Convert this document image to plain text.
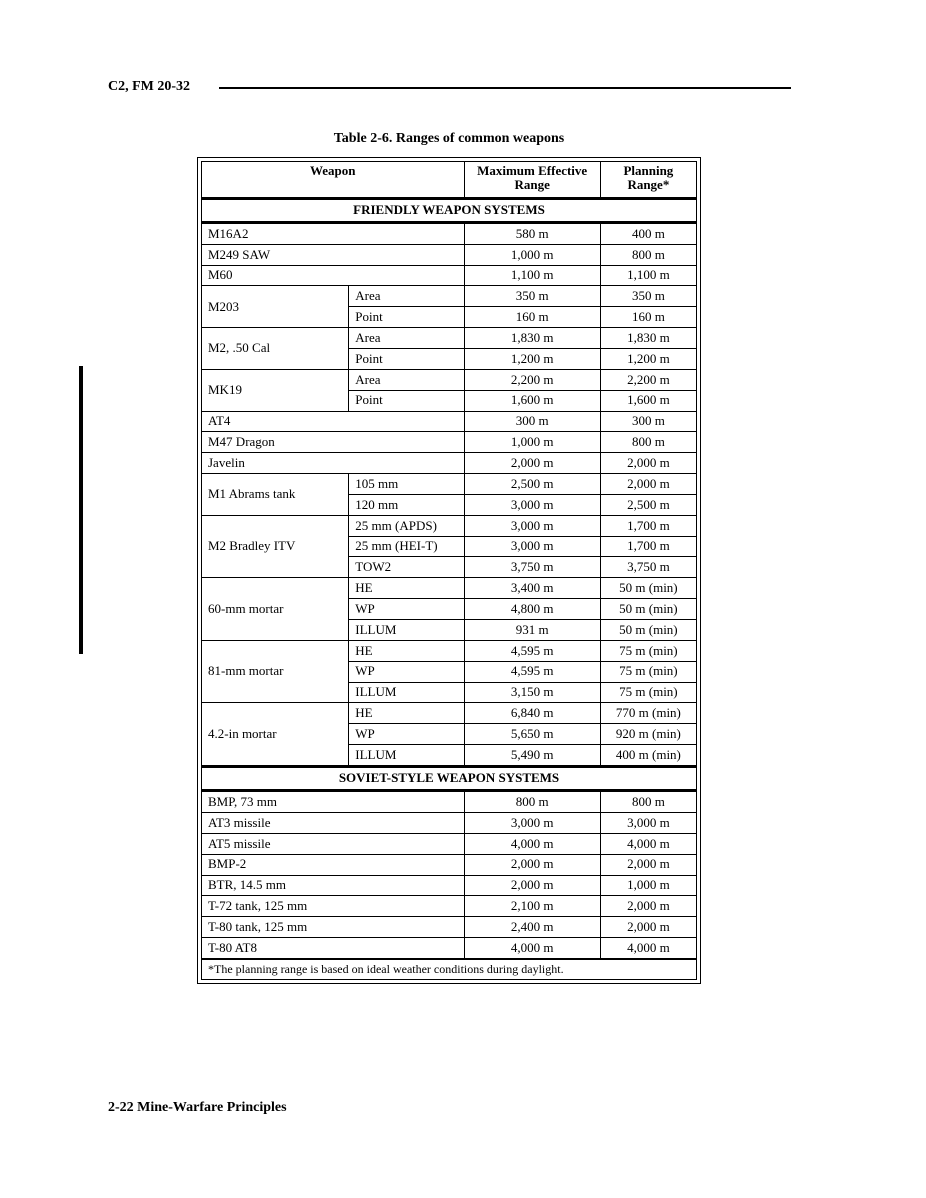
C2, FM 20-32
Table 2-6. Ranges of common weapons
Weapon		Maximum Effective Range	Planning Range*
FRIENDLY WEAPON SYSTEMS			
M16A2		580 m	400 m
M249 SAW		1,000 m	800 m
M60		1,100 m	1,100 m
M203	Area	350 m	350 m
	Point	160 m	160 m
M2, .50 Cal	Area	1,830 m	1,830 m
	Point	1,200 m	1,200 m
MK19	Area	2,200 m	2,200 m
	Point	1,600 m	1,600 m
AT4		300 m	300 m
M47 Dragon		1,000 m	800 m
Javelin		2,000 m	2,000 m
M1 Abrams tank	105 mm	2,500 m	2,000 m
	120 mm	3,000 m	2,500 m
M2 Bradley ITV	25 mm (APDS)	3,000 m	1,700 m
	25 mm (HEI-T)	3,000 m	1,700 m
	TOW2	3,750 m	3,750 m
60-mm mortar	HE	3,400 m	50 m (min)
	WP	4,800 m	50 m (min)
	ILLUM	931 m	50 m (min)
81-mm mortar	HE	4,595 m	75 m (min)
	WP	4,595 m	75 m (min)
	ILLUM	3,150 m	75 m (min)
4.2-in mortar	HE	6,840 m	770 m (min)
	WP	5,650 m	920 m (min)
	ILLUM	5,490 m	400 m (min)
SOVIET-STYLE WEAPON SYSTEMS			
BMP, 73 mm		800 m	800 m
AT3 missile		3,000 m	3,000 m
AT5 missile		4,000 m	4,000 m
BMP-2		2,000 m	2,000 m
BTR, 14.5 mm		2,000 m	1,000 m
T-72 tank, 125 mm		2,100 m	2,000 m
T-80 tank, 125 mm		2,400 m	2,000 m
T-80 AT8		4,000 m	4,000 m
*The planning range is based on ideal weather conditions during daylight.			
2-22 Mine-Warfare Principles
